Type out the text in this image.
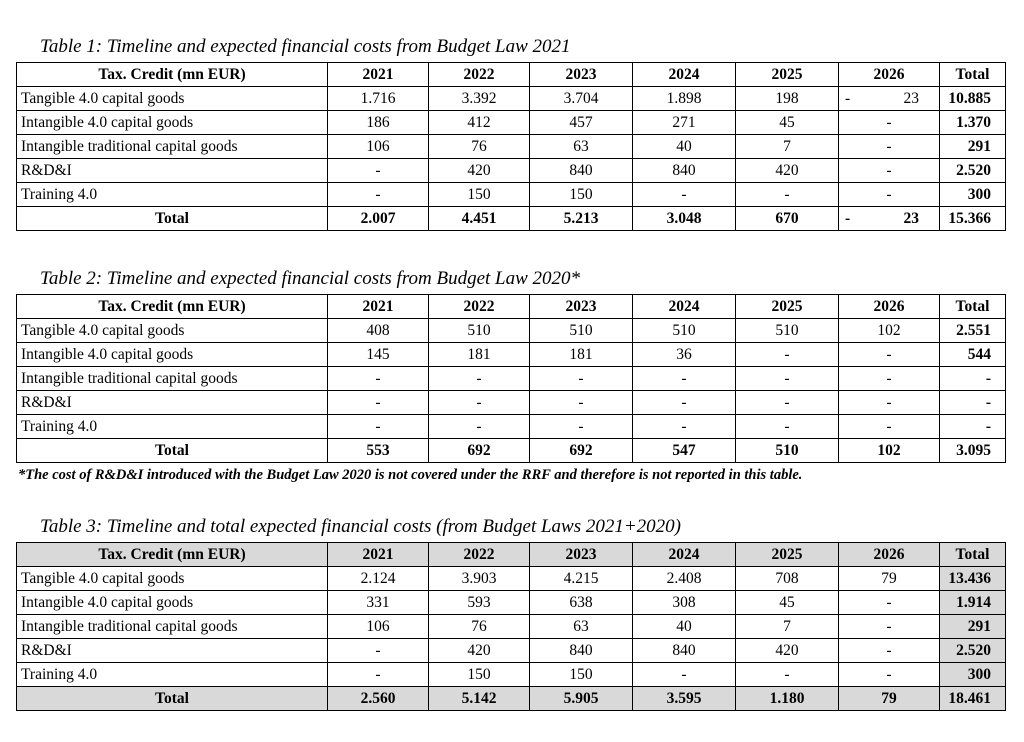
Table 1: Timeline and expected financial costs from Budget Law 2021
Tax. Credit (mn EUR)	2021	2022	2023	2024	2025	2026	Total
Tangible 4.0 capital goods	1.716	3.392	3.704	1.898	198	- 23	10.885
Intangible 4.0 capital goods	186	412	457	271	45	-	1.370
Intangible traditional capital goods	106	76	63	40	7	-	291
R&D&I	-	420	840	840	420	-	2.520
Training 4.0	-	150	150	-	-	-	300
Total	2.007	4.451	5.213	3.048	670	- 23	15.366
Table 2: Timeline and expected financial costs from Budget Law 2020*
Tax. Credit (mn EUR)	2021	2022	2023	2024	2025	2026	Total
Tangible 4.0 capital goods	408	510	510	510	510	102	2.551
Intangible 4.0 capital goods	145	181	181	36	-	-	544
Intangible traditional capital goods	-	-	-	-	-	-	-
R&D&I	-	-	-	-	-	-	-
Training 4.0	-	-	-	-	-	-	-
Total	553	692	692	547	510	102	3.095
*The cost of R&D&I introduced with the Budget Law 2020 is not covered under the RRF and therefore is not reported in this table.
Table 3: Timeline and total expected financial costs (from Budget Laws 2021+2020)
Tax. Credit (mn EUR)	2021	2022	2023	2024	2025	2026	Total
Tangible 4.0 capital goods	2.124	3.903	4.215	2.408	708	79	13.436
Intangible 4.0 capital goods	331	593	638	308	45	-	1.914
Intangible traditional capital goods	106	76	63	40	7	-	291
R&D&I	-	420	840	840	420	-	2.520
Training 4.0	-	150	150	-	-	-	300
Total	2.560	5.142	5.905	3.595	1.180	79	18.461
